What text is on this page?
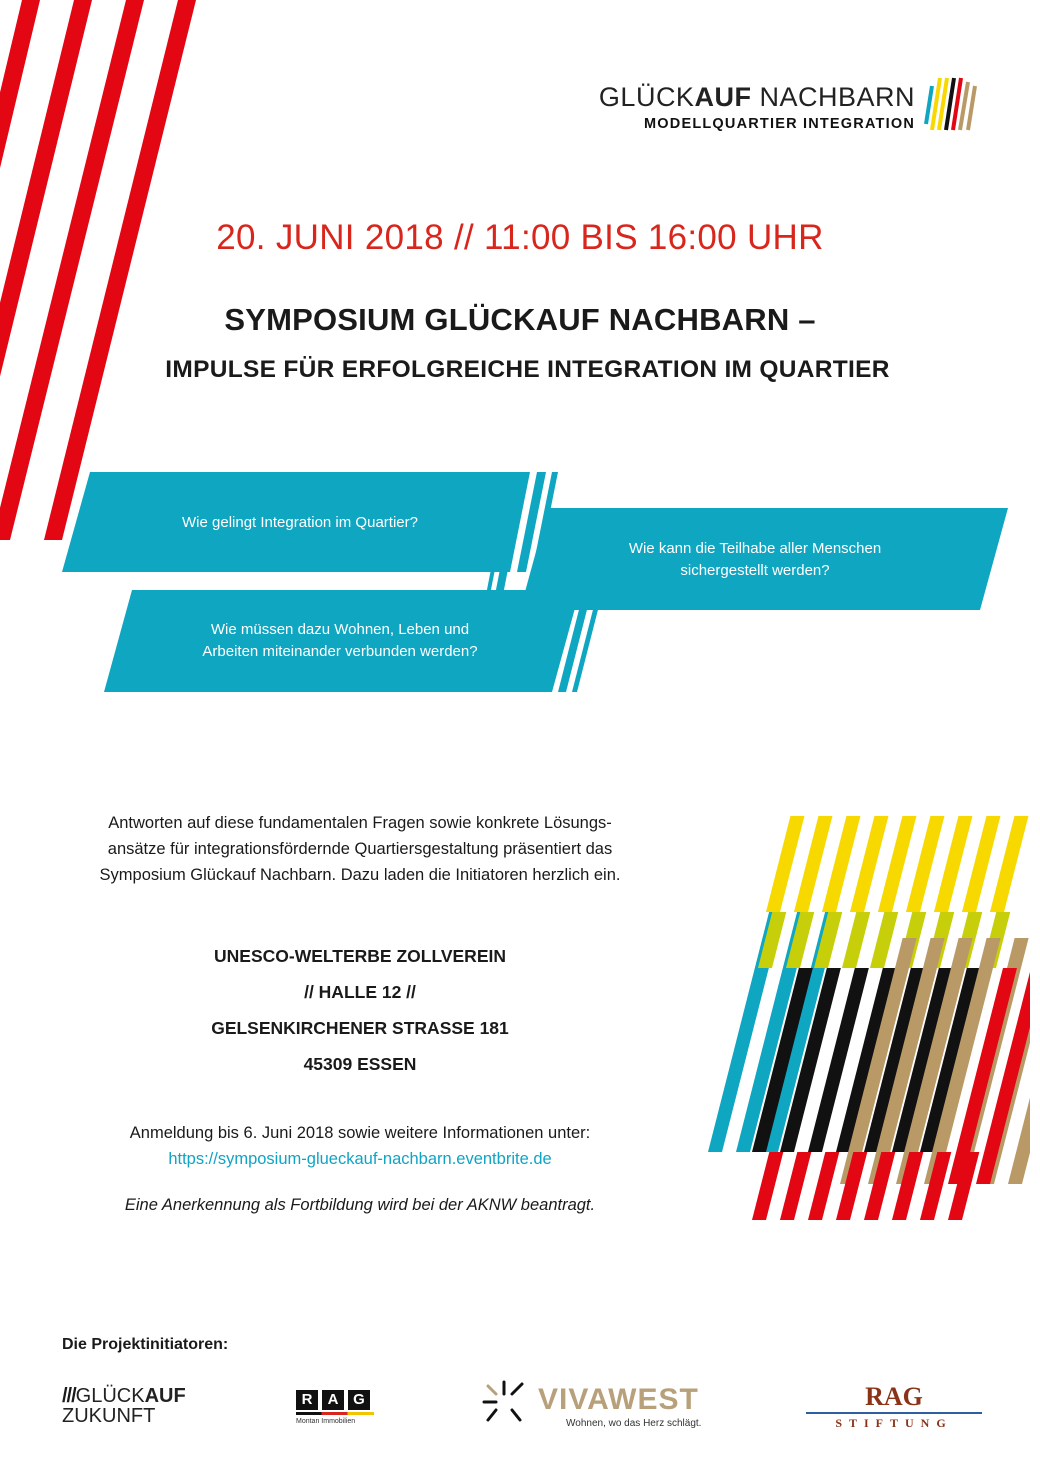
GLÜCKAUF NACHBARN
MODELLQUARTIER INTEGRATION
20. JUNI 2018 // 11:00 BIS 16:00 UHR
SYMPOSIUM GLÜCKAUF NACHBARN –
IMPULSE FÜR ERFOLGREICHE INTEGRATION IM QUARTIER
Wie gelingt Integration im Quartier?
Wie kann die Teilhabe aller Menschen
sichergestellt werden?
Wie müssen dazu Wohnen, Leben und
Arbeiten miteinander verbunden werden?
Antworten auf diese fundamentalen Fragen sowie konkrete Lösungs-
ansätze für integrationsfördernde Quartiersgestaltung präsentiert das
Symposium Glückauf Nachbarn. Dazu laden die Initiatoren herzlich ein.
UNESCO-WELTERBE ZOLLVEREIN
// HALLE 12 //
GELSENKIRCHENER STRASSE 181
45309 ESSEN
Anmeldung bis 6. Juni 2018 sowie weitere Informationen unter:
https://symposium-glueckauf-nachbarn.eventbrite.de
Eine Anerkennung als Fortbildung wird bei der AKNW beantragt.
Die Projektinitiatoren:
///GLÜCKAUF
ZUKUNFT
R	A G
Montan Immobilien
VIVAWEST
Wohnen, wo das Herz schlägt.
RAG
STIFTUNG
